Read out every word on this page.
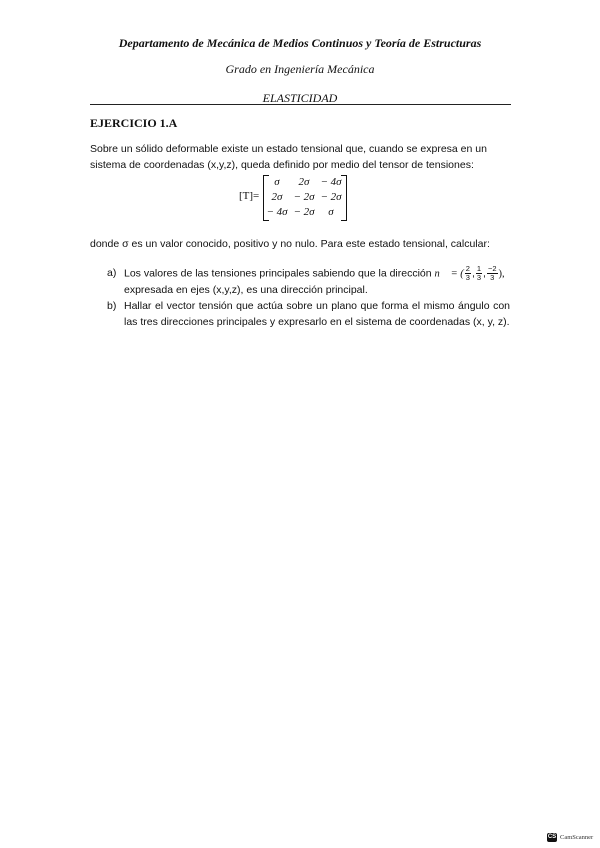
Departamento de Mecánica de Medios Continuos y Teoría de Estructuras
Grado en Ingeniería Mecánica
ELASTICIDAD
EJERCICIO 1.A
Sobre un sólido deformable existe un estado tensional que, cuando se expresa en un sistema de coordenadas (x,y,z), queda definido por medio del tensor de tensiones:
[T]=
σ	2σ − 4σ
2σ − 2σ − 2σ
− 4σ − 2σ	σ
donde σ es un valor conocido, positivo y no nulo. Para este estado tensional, calcular:
a) Los valores de las tensiones principales sabiendo que la dirección n⃗ = ( $\frac{2}{3}$ , $\frac{1}{3}$ , $\frac{-2}{3}$ ),
expresada en ejes (x,y,z), es una dirección principal.
b) Hallar el vector tensión que actúa sobre un plano que forma el mismo ángulo con las tres direcciones principales y expresarlo en el sistema de coordenadas (x, y, z).
CS CamScanner
